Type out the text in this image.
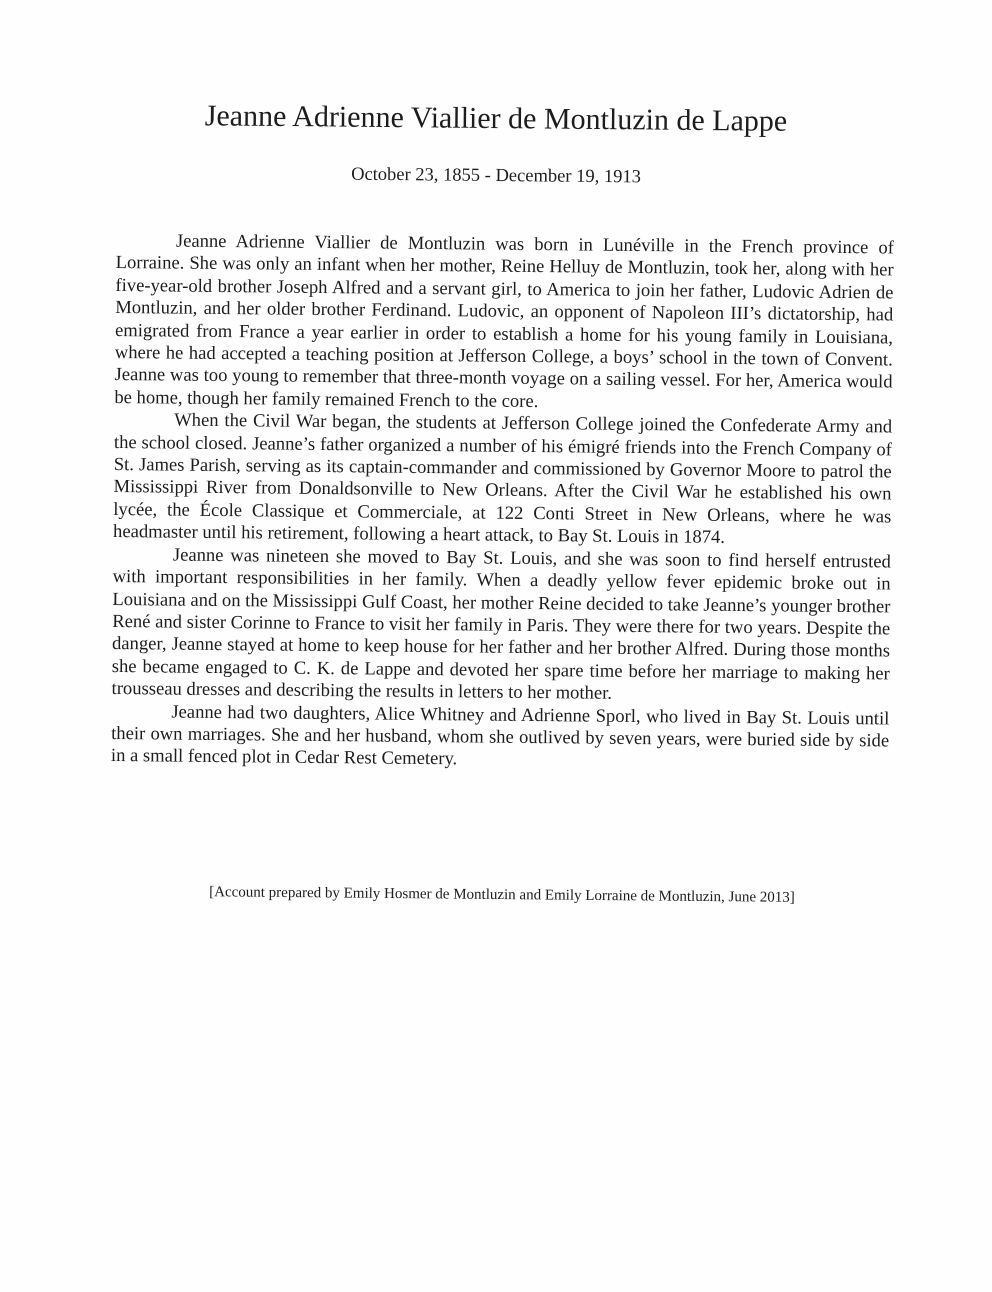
Jeanne Adrienne Viallier de Montluzin de Lappe
October 23, 1855 - December 19, 1913

Jeanne Adrienne Viallier de Montluzin was born in Lunéville in the French province of Lorraine. She was only an infant when her mother, Reine Helluy de Montluzin, took her, along with her five-year-old brother Joseph Alfred and a servant girl, to America to join her father, Ludovic Adrien de Montluzin, and her older brother Ferdinand. Ludovic, an opponent of Napoleon III’s dictatorship, had emigrated from France a year earlier in order to establish a home for his young family in Louisiana, where he had accepted a teaching position at Jefferson College, a boys’ school in the town of Convent. Jeanne was too young to remember that three-month voyage on a sailing vessel. For her, America would be home, though her family remained French to the core.

When the Civil War began, the students at Jefferson College joined the Confederate Army and the school closed. Jeanne’s father organized a number of his émigré friends into the French Company of St. James Parish, serving as its captain-commander and commissioned by Governor Moore to patrol the Mississippi River from Donaldsonville to New Orleans. After the Civil War he established his own lycée, the École Classique et Commerciale, at 122 Conti Street in New Orleans, where he was headmaster until his retirement, following a heart attack, to Bay St. Louis in 1874.

Jeanne was nineteen she moved to Bay St. Louis, and she was soon to find herself entrusted with important responsibilities in her family. When a deadly yellow fever epidemic broke out in Louisiana and on the Mississippi Gulf Coast, her mother Reine decided to take Jeanne’s younger brother René and sister Corinne to France to visit her family in Paris. They were there for two years. Despite the danger, Jeanne stayed at home to keep house for her father and her brother Alfred. During those months she became engaged to C. K. de Lappe and devoted her spare time before her marriage to making her trousseau dresses and describing the results in letters to her mother.

Jeanne had two daughters, Alice Whitney and Adrienne Sporl, who lived in Bay St. Louis until their own marriages. She and her husband, whom she outlived by seven years, were buried side by side in a small fenced plot in Cedar Rest Cemetery.

[Account prepared by Emily Hosmer de Montluzin and Emily Lorraine de Montluzin, June 2013]
